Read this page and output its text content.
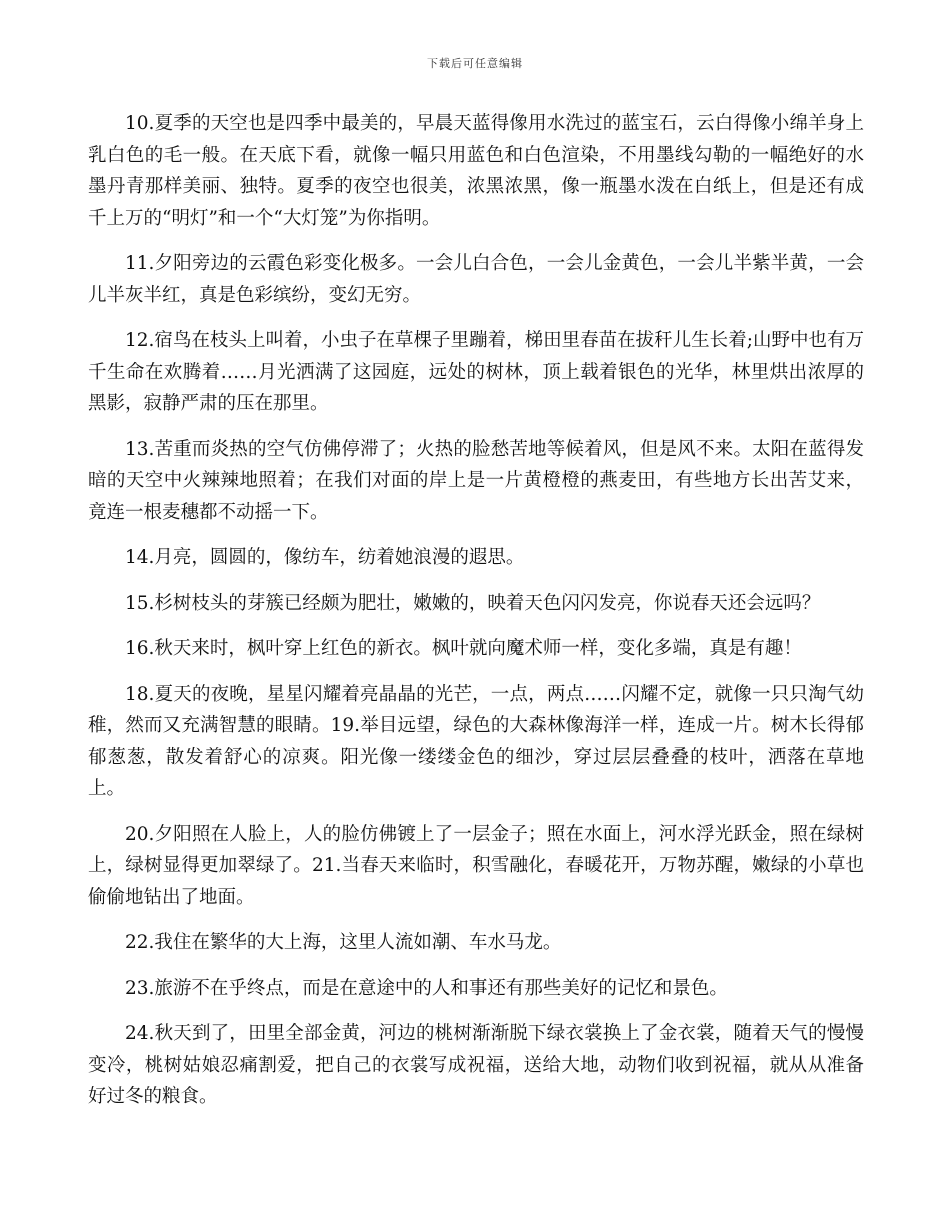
下载后可任意编辑

10.夏季的天空也是四季中最美的，早晨天蓝得像用水洗过的蓝宝石，云白得像小绵羊身上乳白色的毛一般。在天底下看，就像一幅只用蓝色和白色渲染，不用墨线勾勒的一幅绝好的水墨丹青那样美丽、独特。夏季的夜空也很美，浓黑浓黑，像一瓶墨水泼在白纸上，但是还有成千上万的“明灯”和一个“大灯笼”为你指明。

11.夕阳旁边的云霞色彩变化极多。一会儿白合色，一会儿金黄色，一会儿半紫半黄，一会儿半灰半红，真是色彩缤纷，变幻无穷。

12.宿鸟在枝头上叫着，小虫子在草棵子里蹦着，梯田里春苗在拔秆儿生长着;山野中也有万千生命在欢腾着……月光洒满了这园庭，远处的树林，顶上载着银色的光华，林里烘出浓厚的黑影，寂静严肃的压在那里。

13.苦重而炎热的空气仿佛停滞了；火热的脸愁苦地等候着风，但是风不来。太阳在蓝得发暗的天空中火辣辣地照着；在我们对面的岸上是一片黄橙橙的燕麦田，有些地方长出苦艾来，竟连一根麦穗都不动摇一下。

14.月亮，圆圆的，像纺车，纺着她浪漫的遐思。

15.杉树枝头的芽簇已经颇为肥壮，嫩嫩的，映着天色闪闪发亮，你说春天还会远吗？

16.秋天来时，枫叶穿上红色的新衣。枫叶就向魔术师一样，变化多端，真是有趣！

18.夏天的夜晚，星星闪耀着亮晶晶的光芒，一点，两点……闪耀不定，就像一只只淘气幼稚，然而又充满智慧的眼睛。19.举目远望，绿色的大森林像海洋一样，连成一片。树木长得郁郁葱葱，散发着舒心的凉爽。阳光像一缕缕金色的细沙，穿过层层叠叠的枝叶，洒落在草地上。

20.夕阳照在人脸上，人的脸仿佛镀上了一层金子；照在水面上，河水浮光跃金，照在绿树上，绿树显得更加翠绿了。21.当春天来临时，积雪融化，春暖花开，万物苏醒，嫩绿的小草也偷偷地钻出了地面。

22.我住在繁华的大上海，这里人流如潮、车水马龙。

23.旅游不在乎终点，而是在意途中的人和事还有那些美好的记忆和景色。

24.秋天到了，田里全部金黄，河边的桃树渐渐脱下绿衣裳换上了金衣裳，随着天气的慢慢变冷，桃树姑娘忍痛割爱，把自己的衣裳写成祝福，送给大地，动物们收到祝福，就从从准备好过冬的粮食。
